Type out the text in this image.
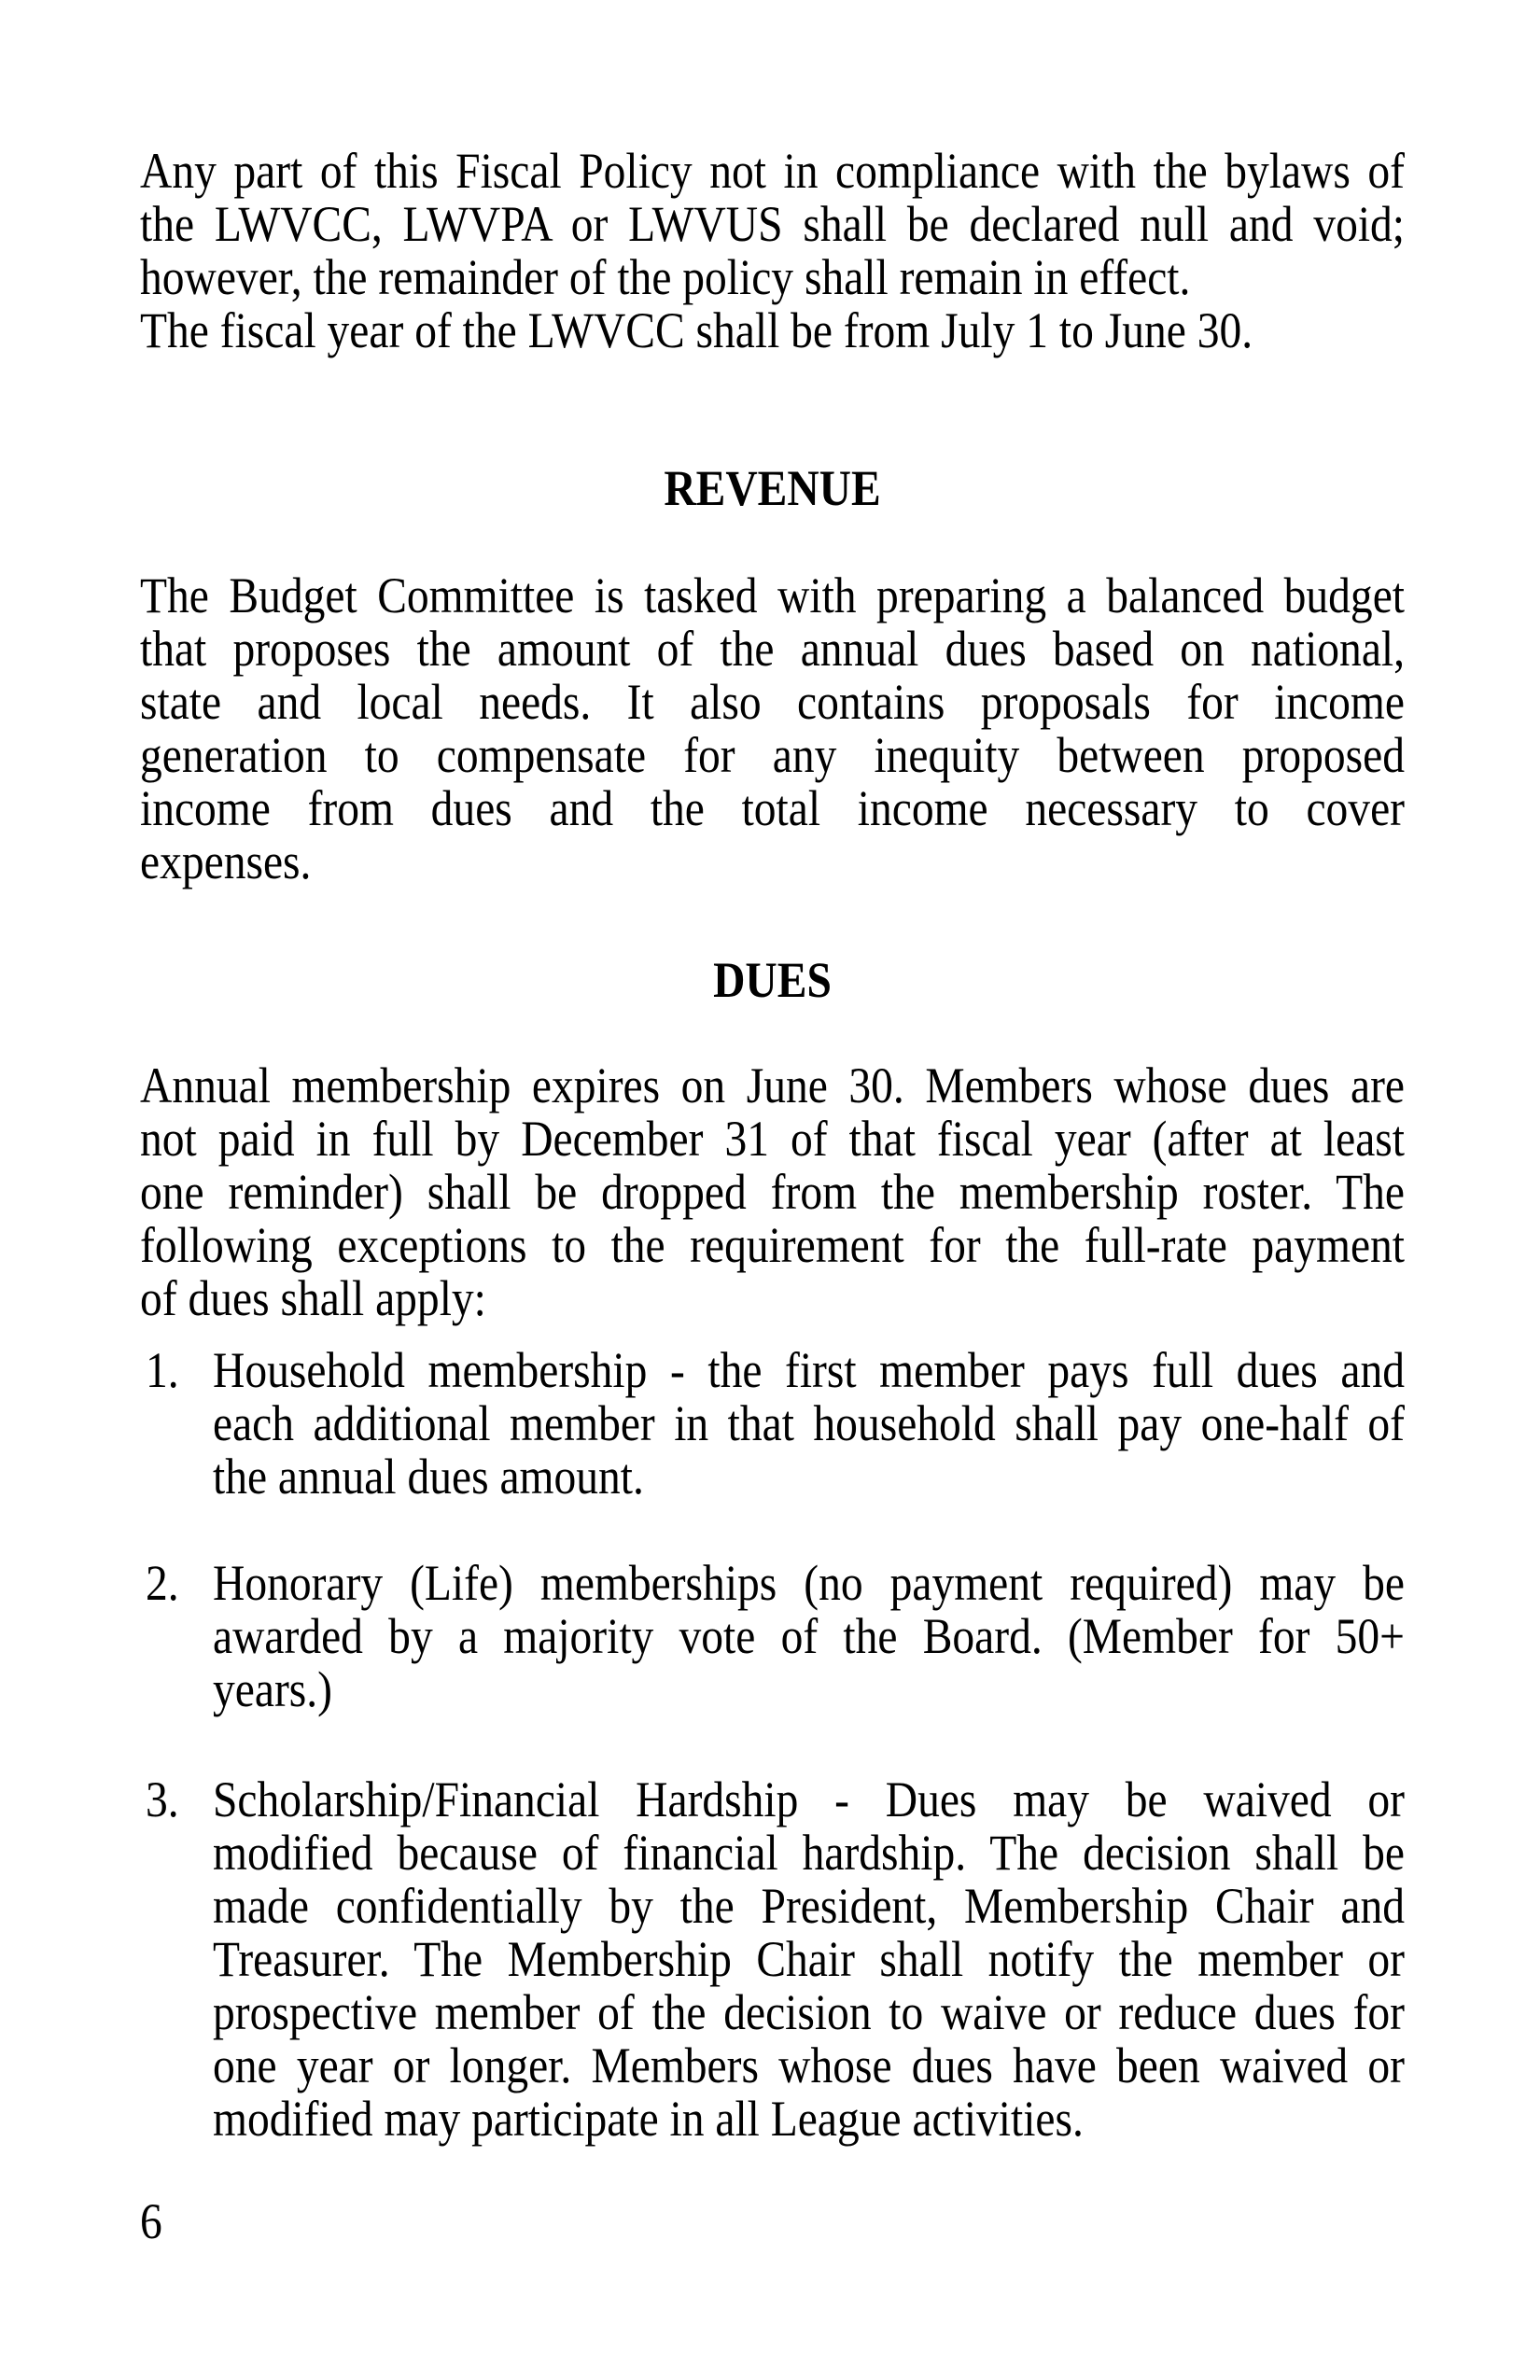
Any part of this Fiscal Policy not in compliance with the bylaws of
the LWVCC, LWVPA or LWVUS shall be declared null and void;
however, the remainder of the policy shall remain in effect.
The fiscal year of the LWVCC shall be from July 1 to June 30.
REVENUE
The Budget Committee is tasked with preparing a balanced budget
that proposes the amount of the annual dues based on national,
state and local needs. It also contains proposals for income
generation to compensate for any inequity between proposed
income from dues and the total income necessary to cover
expenses.
DUES
Annual membership expires on June 30. Members whose dues are
not paid in full by December 31 of that fiscal year (after at least
one reminder) shall be dropped from the membership roster. The
following exceptions to the requirement for the full-rate payment
of dues shall apply:
1. Household membership - the first member pays full dues and
each additional member in that household shall pay one-half of
the annual dues amount.
2. Honorary (Life) memberships (no payment required) may be
awarded by a majority vote of the Board. (Member for 50+
years.)
3. Scholarship/Financial Hardship - Dues may be waived or
modified because of financial hardship. The decision shall be
made confidentially by the President, Membership Chair and
Treasurer. The Membership Chair shall notify the member or
prospective member of the decision to waive or reduce dues for
one year or longer. Members whose dues have been waived or
modified may participate in all League activities.
6
